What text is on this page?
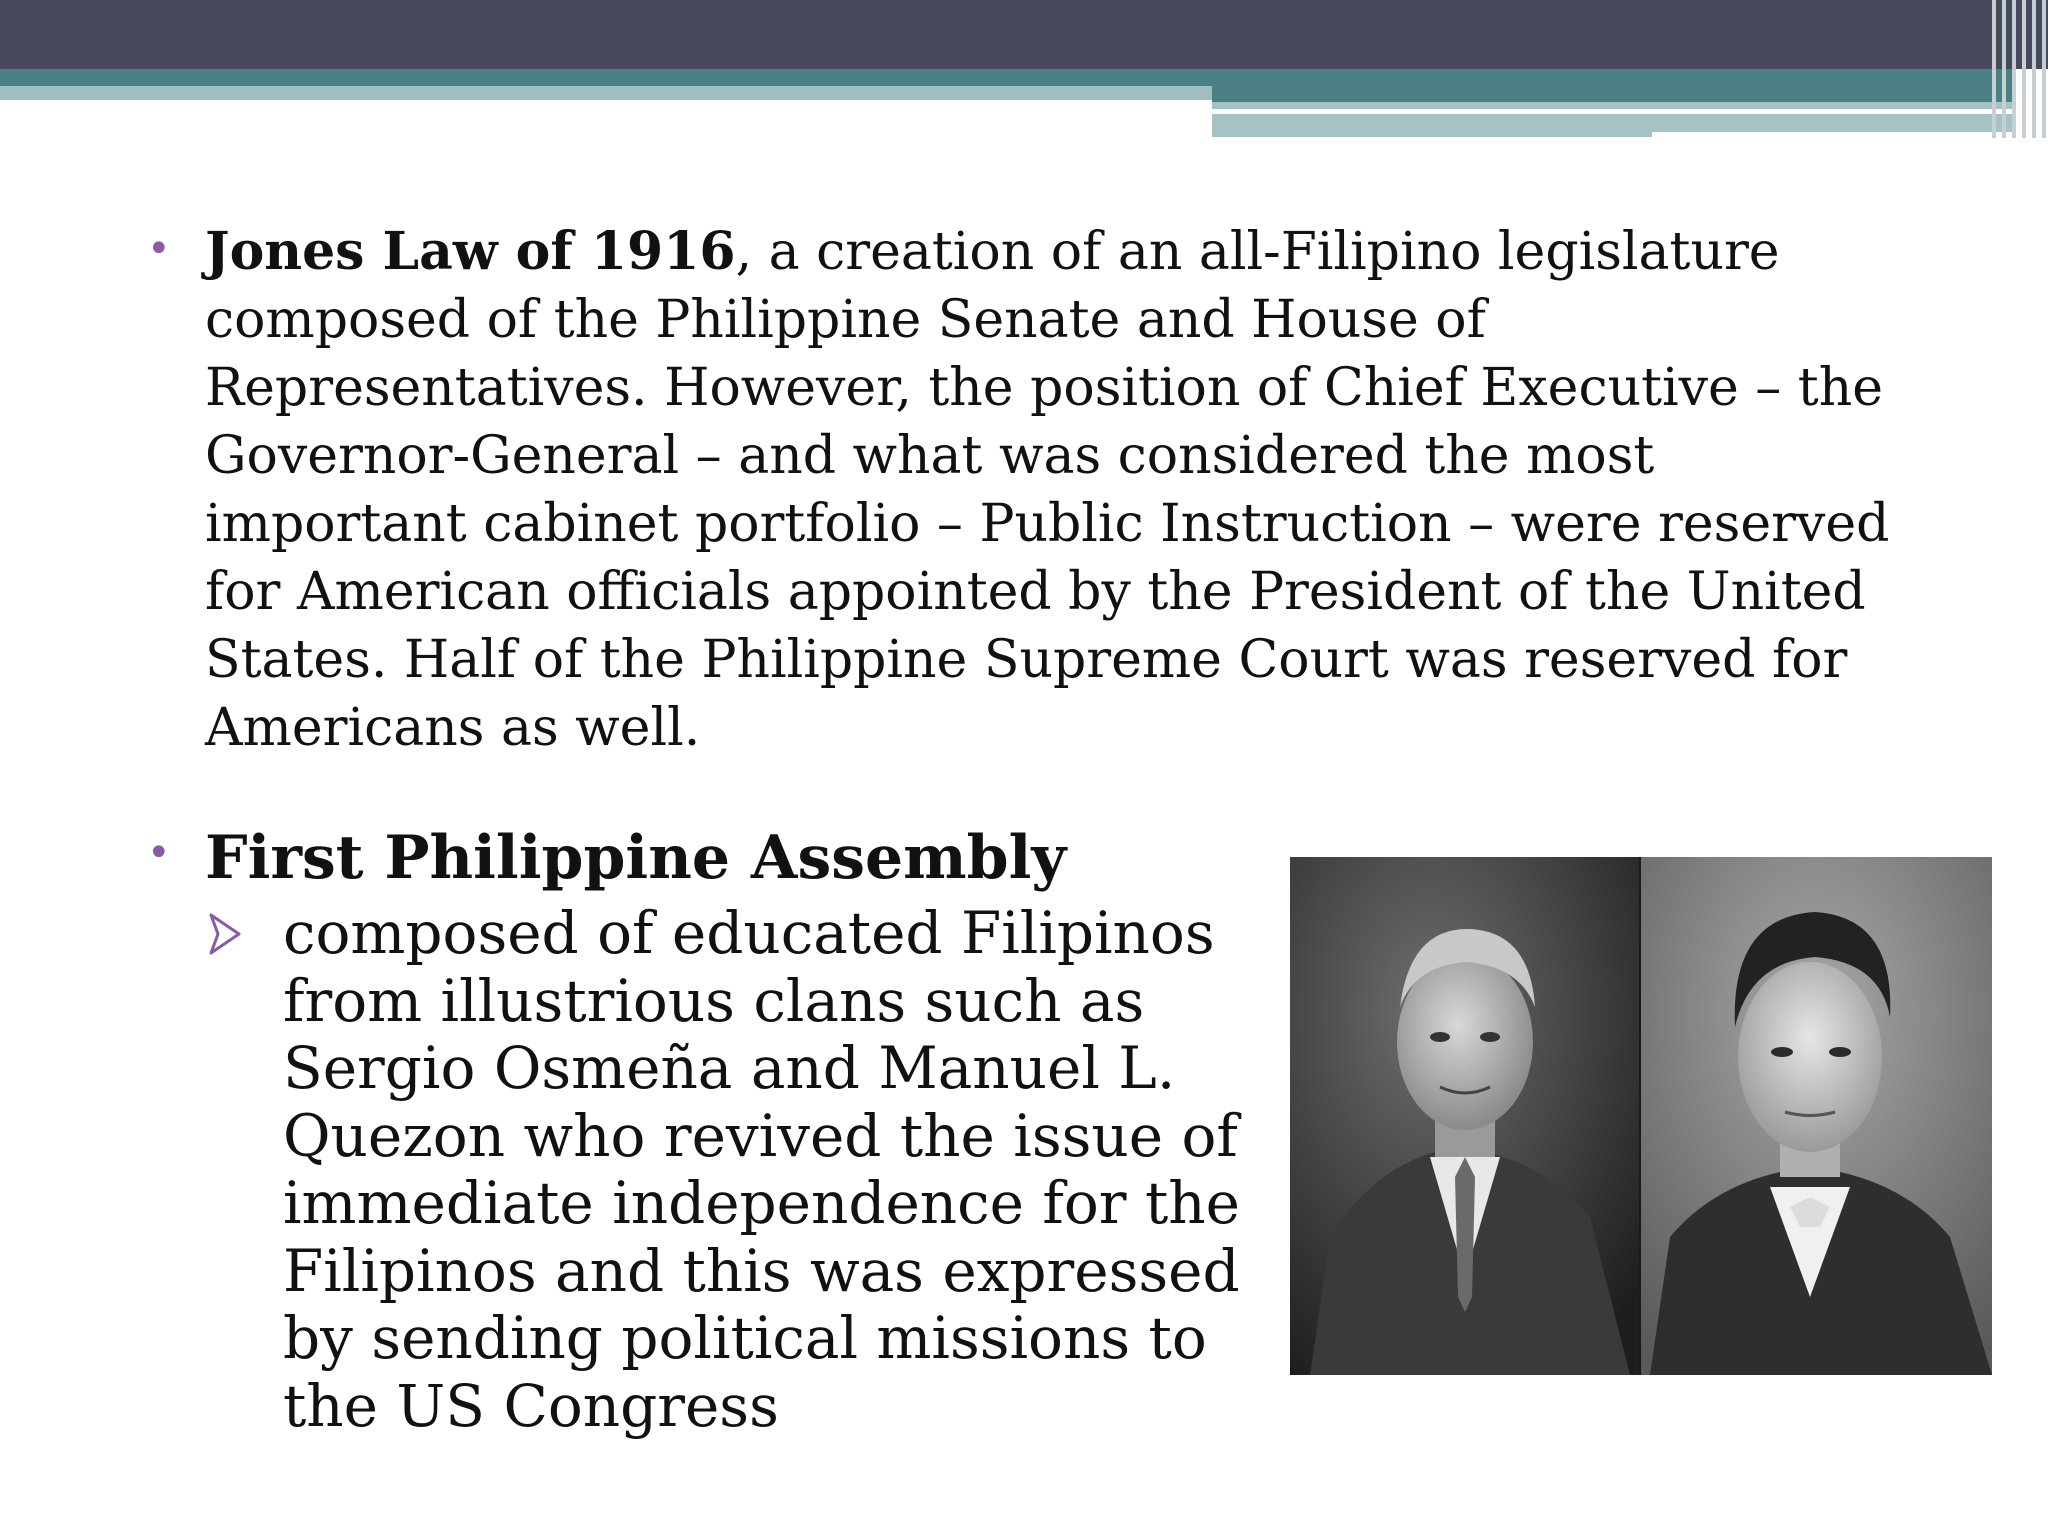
• Jones Law of 1916, a creation of an all-Filipino legislature composed of the Philippine Senate and House of Representatives. However, the position of Chief Executive – the Governor-General – and what was considered the most important cabinet portfolio – Public Instruction – were reserved for American officials appointed by the President of the United States. Half of the Philippine Supreme Court was reserved for Americans as well.

• First Philippine Assembly

composed of educated Filipinos from illustrious clans such as Sergio Osmeña and Manuel L. Quezon who revived the issue of immediate independence for the Filipinos and this was expressed by sending political missions to the US Congress
